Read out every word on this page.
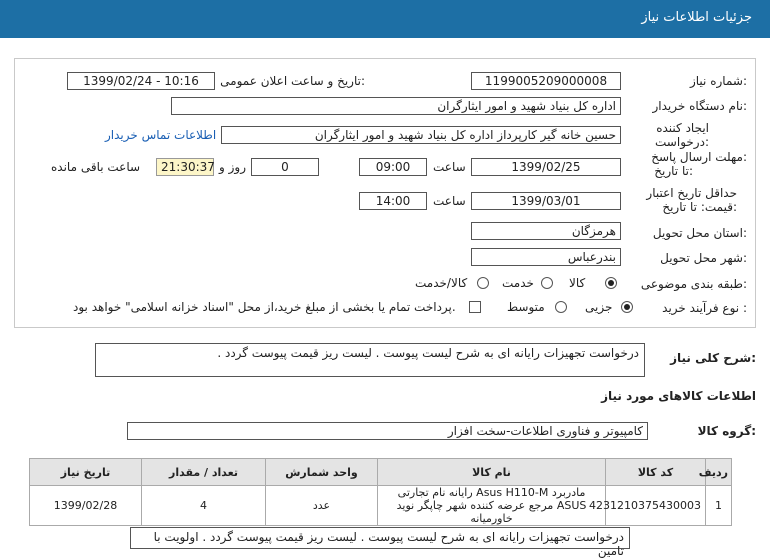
جزئیات اطلاعات نیاز
شماره نیاز:
1199005209000008
تاریخ و ساعت اعلان عمومی:
1399/02/24 - 10:16
نام دستگاه خریدار:
اداره کل بنیاد شهید و امور ایثارگران
ایجاد کننده
درخواست:
حسین خانه گیر کارپرداز اداره کل بنیاد شهید و امور ایثارگران
اطلاعات تماس خریدار
مهلت ارسال پاسخ:
تا تاریخ:
1399/02/25
ساعت
09:00
0
روز و
21:30:37
ساعت باقی مانده
حداقل تاریخ اعتبار
قیمت: تا تاریخ:
1399/03/01
ساعت
14:00
استان محل تحویل:
هرمزگان
شهر محل تحویل:
بندرعباس
طبقه بندی موضوعی:
کالا
خدمت
کالا/خدمت
نوع فرآیند خرید :
جزیی
متوسط
پرداخت تمام یا بخشی از مبلغ خرید،از محل "اسناد خزانه اسلامی" خواهد بود.
شرح کلی نیاز:
درخواست تجهیزات رایانه ای به شرح لیست پیوست . لیست ریز قیمت پیوست گردد .
اطلاعات کالاهای مورد نیاز
گروه کالا:
کامپیوتر و فناوری اطلاعات-سخت افزار
ردیف	کد کالا	نام کالا	واحد شمارش	تعداد / مقدار	تاریخ نیاز
1	4231210375430003	مادربرد Asus H110-M رایانه نام تجارتی ASUS مرجع عرضه کننده شهر چاپگر نوید خاورمیانه	عدد	4	1399/02/28
درخواست تجهیزات رایانه ای به شرح لیست پیوست . لیست ریز قیمت پیوست گردد . اولویت با تامین
